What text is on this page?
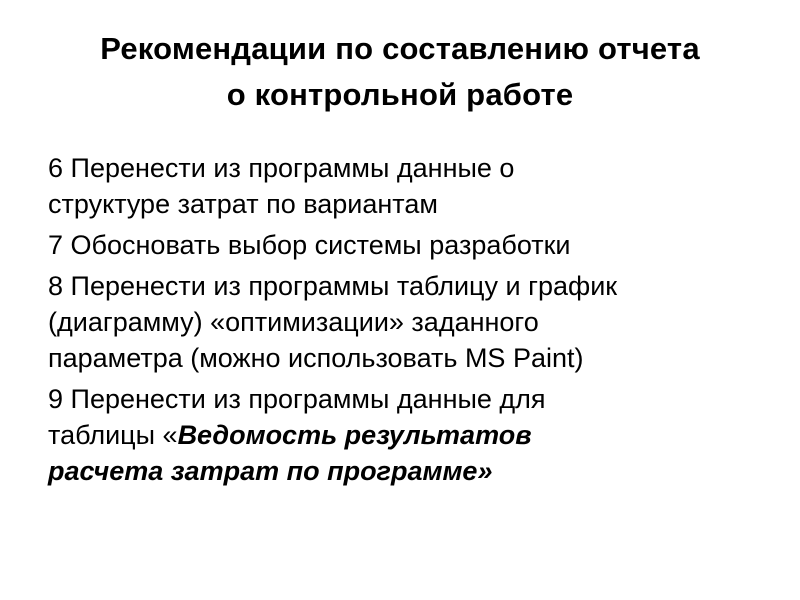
Рекомендации по составлению отчета
о контрольной работе
6 Перенести из программы данные о
структуре затрат по вариантам
7 Обосновать выбор системы разработки
8 Перенести из программы таблицу и график
(диаграмму) «оптимизации» заданного
параметра (можно использовать MS Paint)
9 Перенести из программы данные для
таблицы «Ведомость результатов
расчета затрат по программе»
